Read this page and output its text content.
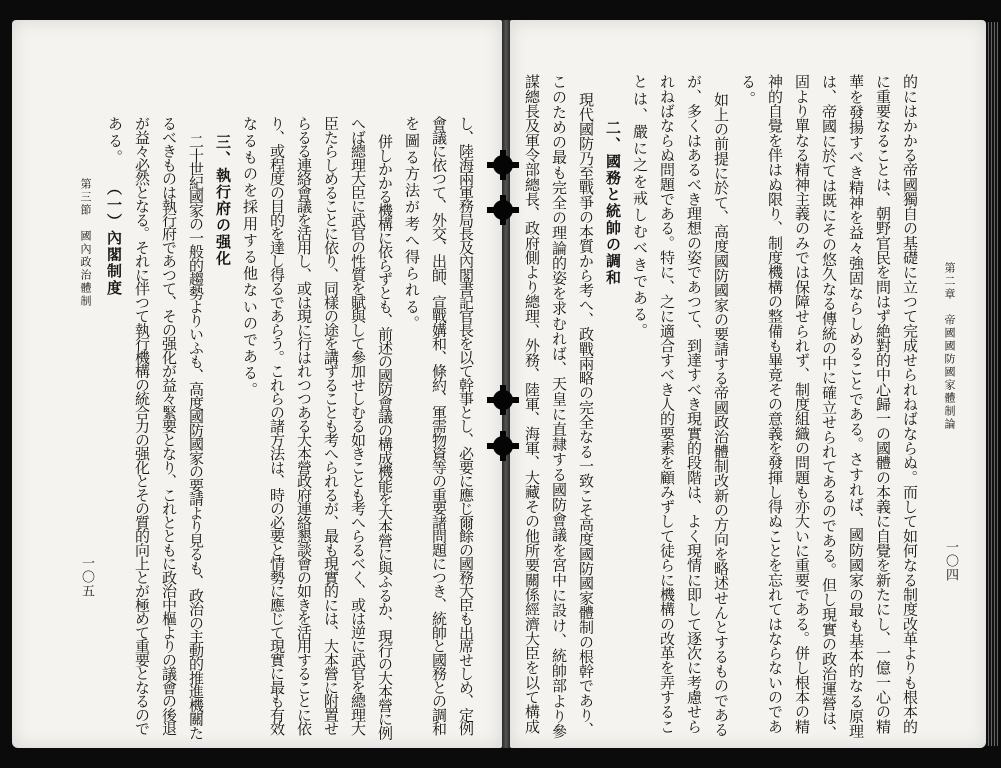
第二章　帝國國防國家體制論
一〇四
的にはかかる帝國獨自の基礎に立つて完成せられねばならぬ。而して如何なる制度改革よりも根本的
に重要なることは、朝野官民を問はず絶對的中心歸一の國體の本義に自覺を新たにし、一億一心の精
華を發揚すべき精神を益々強固ならしめることである。さすれば、國防國家の最も基本的なる原理
は、帝國に於ては既にその悠久なる傳統の中に確立せられてあるのである。但し現實の政治運營は、
固より單なる精神主義のみでは保障せられず、制度組織の問題も亦大いに重要である。併し根本の精
神的自覺を伴はぬ限り、制度機構の整備も畢竟その意義を發揮し得ぬことを忘れてはならないのであ
る。
如上の前提に於て、高度國防國家の要請する帝國政治體制改新の方向を略述せんとするものである
が、多くはあるべき理想の姿であつて、到達すべき現實的段階は、よく現情に即して逐次に考慮せら
れねばならぬ問題である。特に、之に適合すべき人的要素を顧みずして徒らに機構の改革を弄するこ
とは、嚴に之を戒しむべきである。
二、國務と統帥の調和
現代國防乃至戰爭の本質から考へ、政戰兩略の完全なる一致こそ高度國防國家體制の根幹であり、
このための最も完全の理論的姿を求むれば、天皇に直隷する國防會議を宮中に設け、統帥部より參
謀總長及軍令部總長、政府側より總理、外務、陸軍、海軍、大藏その他所要關係經濟大臣を以て構成
し、陸海兩軍務局長及內閣書記官長を以て幹事とし、必要に應じ爾餘の國務大臣も出席せしめ、定例
會議に依つて、外交、出師、宣戰媾和、條約、軍需物資等の重要諸問題につき、統帥と國務との調和
を圖る方法が考へ得られる。
併しかかる機構に依らずとも、前述の國防會議の構成機能を大本營に與ふるか、現行の大本營に例
へば總理大臣に武官の性質を賦與して參加せしむる如きことも考へらるべく、或は逆に武官を總理大
臣たらしめることに依り、同樣の途を講ずることも考へられるが、最も現實的には、大本營に附置せ
らるる連絡會議を活用し、或は現に行はれつつある大本營政府連絡懇談會の如きを活用することに依
り、或程度の目的を達し得るであらう。これらの諸方法は、時の必要と情勢に應じて現實に最も有效
なるものを採用する他ないのである。
三、執行府の强化
二十世紀國家の一般的趨勢よりいふも、高度國防國家の要請より見るも、政治の主動的推進機關た
るべきものは執行府であつて、その强化が益々緊要となり、これとともに政治中樞よりの議會の後退
が益々必然となる。それに伴つて執行機構の統合力の强化とその質的向上とが極めて重要となるので
ある。
（一）內閣制度
第三節　國內政治體制
一〇五
